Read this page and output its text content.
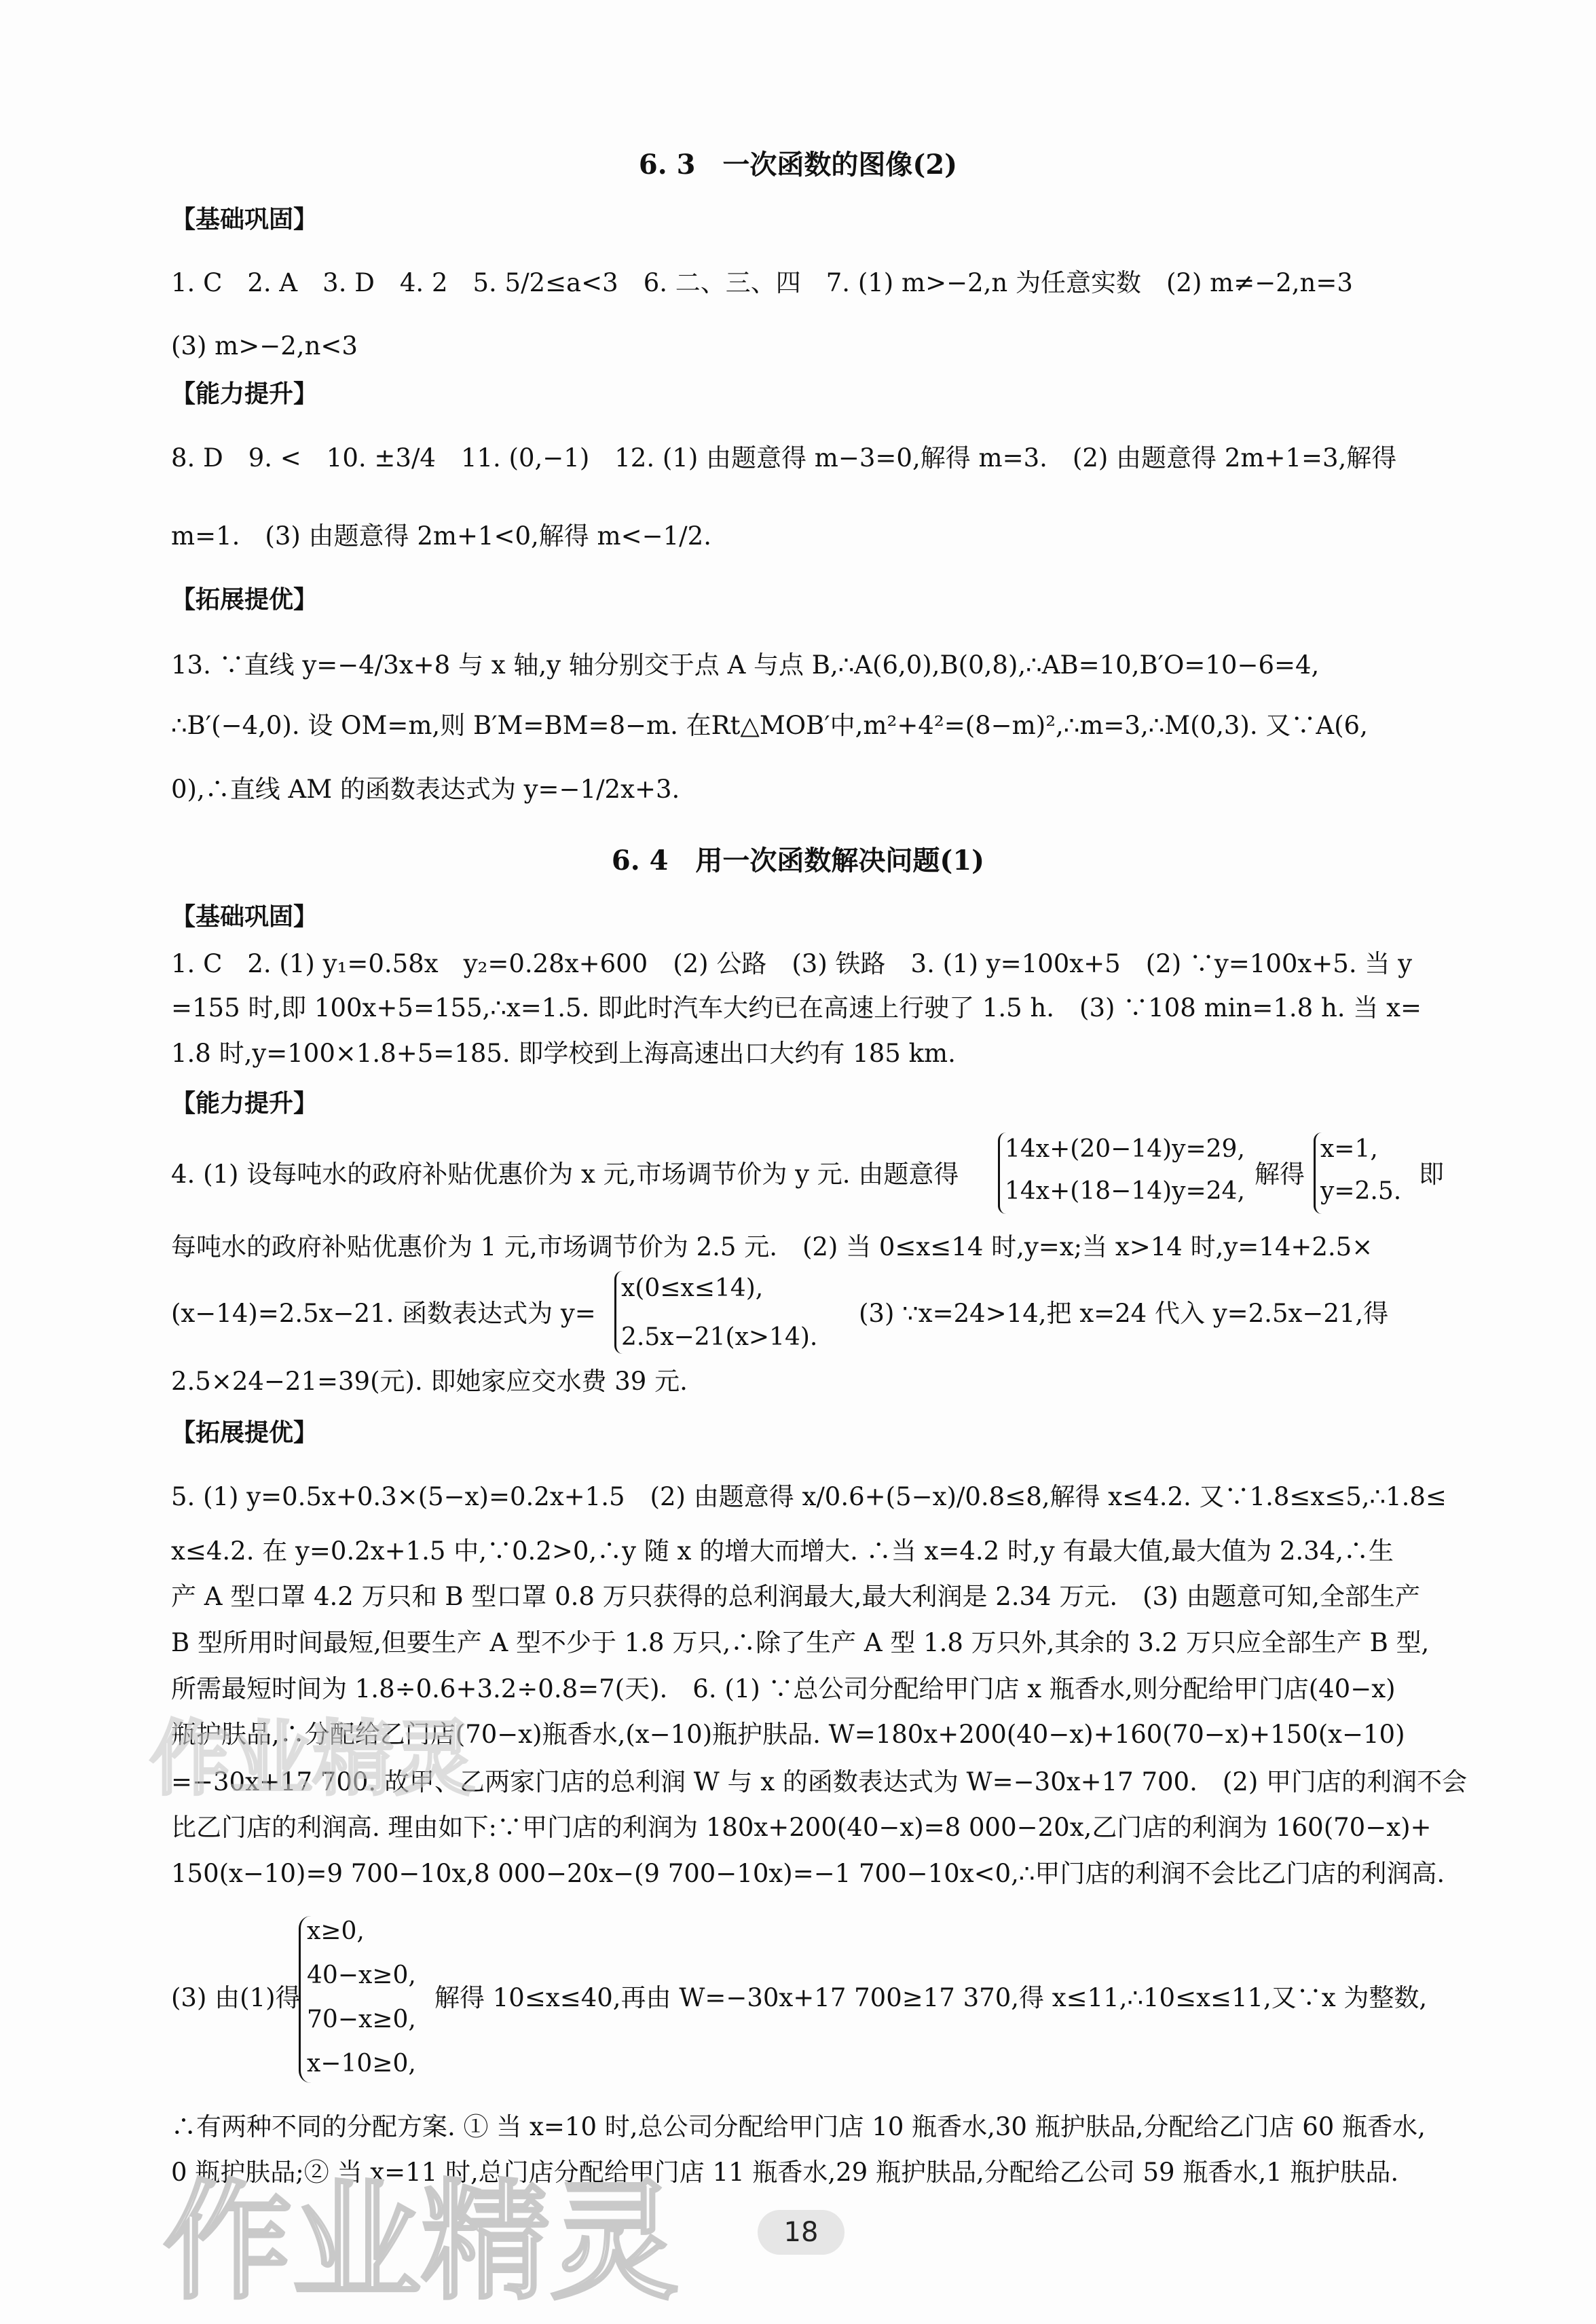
6. 3　一次函数的图像(2)
【基础巩固】
1. C　2. A　3. D　4. 2　5. 5/2≤a<3　6. 二、三、四　7. (1) m>−2,n 为任意实数　(2) m≠−2,n=3
(3) m>−2,n<3
【能力提升】
8. D　9. <　10. ±3/4　11. (0,−1)　12. (1) 由题意得 m−3=0,解得 m=3.　(2) 由题意得 2m+1=3,解得
m=1.　(3) 由题意得 2m+1<0,解得 m<−1/2.
【拓展提优】
13. ∵直线 y=−4/3x+8 与 x 轴,y 轴分别交于点 A 与点 B,∴A(6,0),B(0,8),∴AB=10,B′O=10−6=4,
∴B′(−4,0). 设 OM=m,则 B′M=BM=8−m. 在Rt△MOB′中,m²+4²=(8−m)²,∴m=3,∴M(0,3). 又∵A(6,
0),∴直线 AM 的函数表达式为 y=−1/2x+3.
6. 4　用一次函数解决问题(1)
【基础巩固】
1. C　2. (1) y₁=0.58x　y₂=0.28x+600　(2) 公路　(3) 铁路　3. (1) y=100x+5　(2) ∵y=100x+5. 当 y
=155 时,即 100x+5=155,∴x=1.5. 即此时汽车大约已在高速上行驶了 1.5 h.　(3) ∵108 min=1.8 h. 当 x=
1.8 时,y=100×1.8+5=185. 即学校到上海高速出口大约有 185 km.
【能力提升】
4. (1) 设每吨水的政府补贴优惠价为 x 元,市场调节价为 y 元. 由题意得
14x+(20−14)y=29,
14x+(18−14)y=24,
解得
x=1,
y=2.5.
即
每吨水的政府补贴优惠价为 1 元,市场调节价为 2.5 元.　(2) 当 0≤x≤14 时,y=x;当 x>14 时,y=14+2.5×
(x−14)=2.5x−21. 函数表达式为 y=
x(0≤x≤14),
2.5x−21(x>14).
(3) ∵x=24>14,把 x=24 代入 y=2.5x−21,得
2.5×24−21=39(元). 即她家应交水费 39 元.
【拓展提优】
5. (1) y=0.5x+0.3×(5−x)=0.2x+1.5　(2) 由题意得 x/0.6+(5−x)/0.8≤8,解得 x≤4.2. 又∵1.8≤x≤5,∴1.8≤
x≤4.2. 在 y=0.2x+1.5 中,∵0.2>0,∴y 随 x 的增大而增大. ∴当 x=4.2 时,y 有最大值,最大值为 2.34,∴生
产 A 型口罩 4.2 万只和 B 型口罩 0.8 万只获得的总利润最大,最大利润是 2.34 万元.　(3) 由题意可知,全部生产
B 型所用时间最短,但要生产 A 型不少于 1.8 万只,∴除了生产 A 型 1.8 万只外,其余的 3.2 万只应全部生产 B 型,
所需最短时间为 1.8÷0.6+3.2÷0.8=7(天).　6. (1) ∵总公司分配给甲门店 x 瓶香水,则分配给甲门店(40−x)
瓶护肤品,∴分配给乙门店(70−x)瓶香水,(x−10)瓶护肤品. W=180x+200(40−x)+160(70−x)+150(x−10)
=−30x+17 700. 故甲、乙两家门店的总利润 W 与 x 的函数表达式为 W=−30x+17 700.　(2) 甲门店的利润不会
比乙门店的利润高. 理由如下:∵甲门店的利润为 180x+200(40−x)=8 000−20x,乙门店的利润为 160(70−x)+
150(x−10)=9 700−10x,8 000−20x−(9 700−10x)=−1 700−10x<0,∴甲门店的利润不会比乙门店的利润高.
(3) 由(1)得
x≥0,
40−x≥0,
70−x≥0,
x−10≥0,
解得 10≤x≤40,再由 W=−30x+17 700≥17 370,得 x≤11,∴10≤x≤11,又∵x 为整数,
∴有两种不同的分配方案. ① 当 x=10 时,总公司分配给甲门店 10 瓶香水,30 瓶护肤品,分配给乙门店 60 瓶香水,
0 瓶护肤品;② 当 x=11 时,总门店分配给甲门店 11 瓶香水,29 瓶护肤品,分配给乙公司 59 瓶香水,1 瓶护肤品.
作业精灵
作业精灵	18
